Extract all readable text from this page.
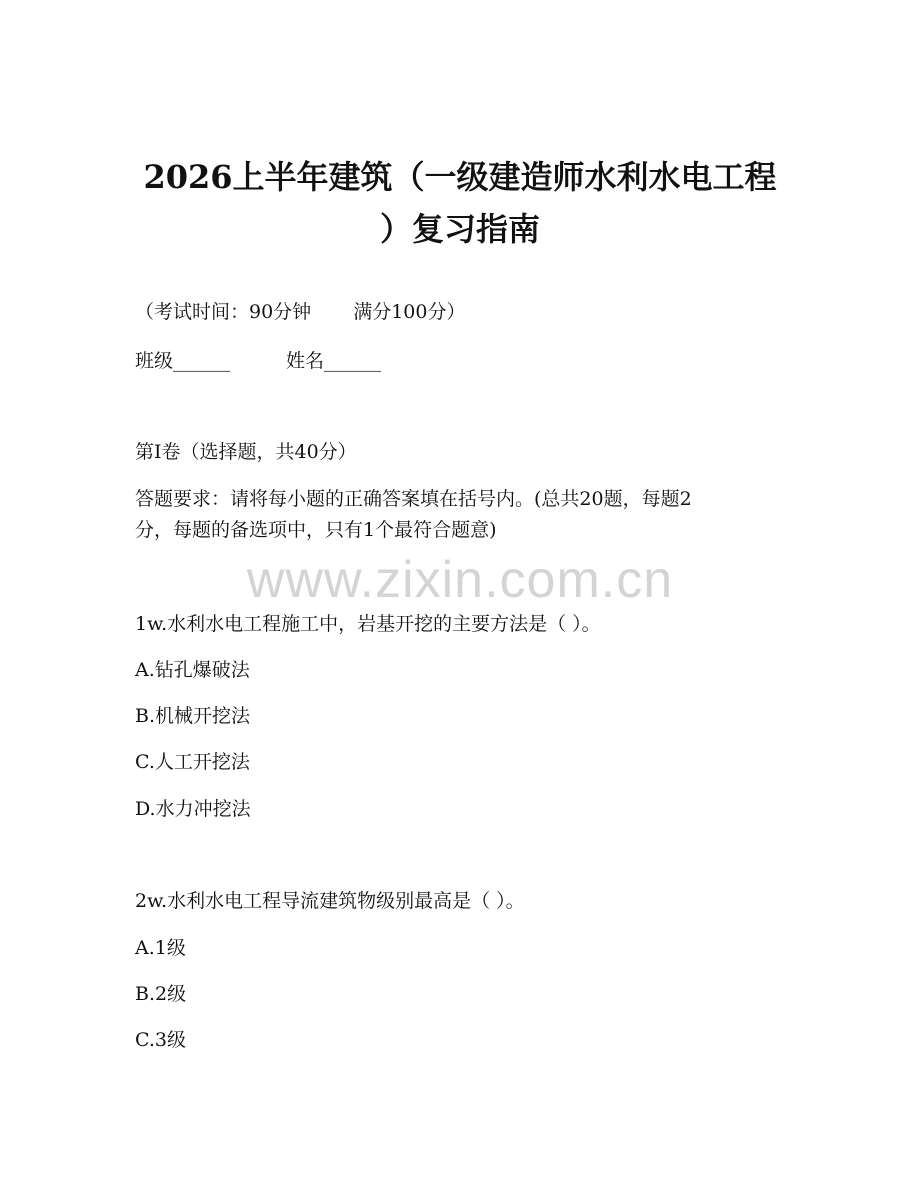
2026上半年建筑（一级建造师水利水电工程
）复习指南

（考试时间：90分钟 满分100分）

班级______	姓名______

第I卷（选择题，共40分）

答题要求：请将每小题的正确答案填在括号内。(总共20题，每题2

分，每题的备选项中，只有1个最符合题意)

www.zixin.com.cn

1w.水利水电工程施工中，岩基开挖的主要方法是（ ）。

A.钻孔爆破法

B.机械开挖法

C.人工开挖法

D.水力冲挖法

2w.水利水电工程导流建筑物级别最高是（ ）。

A.1级

B.2级

C.3级
